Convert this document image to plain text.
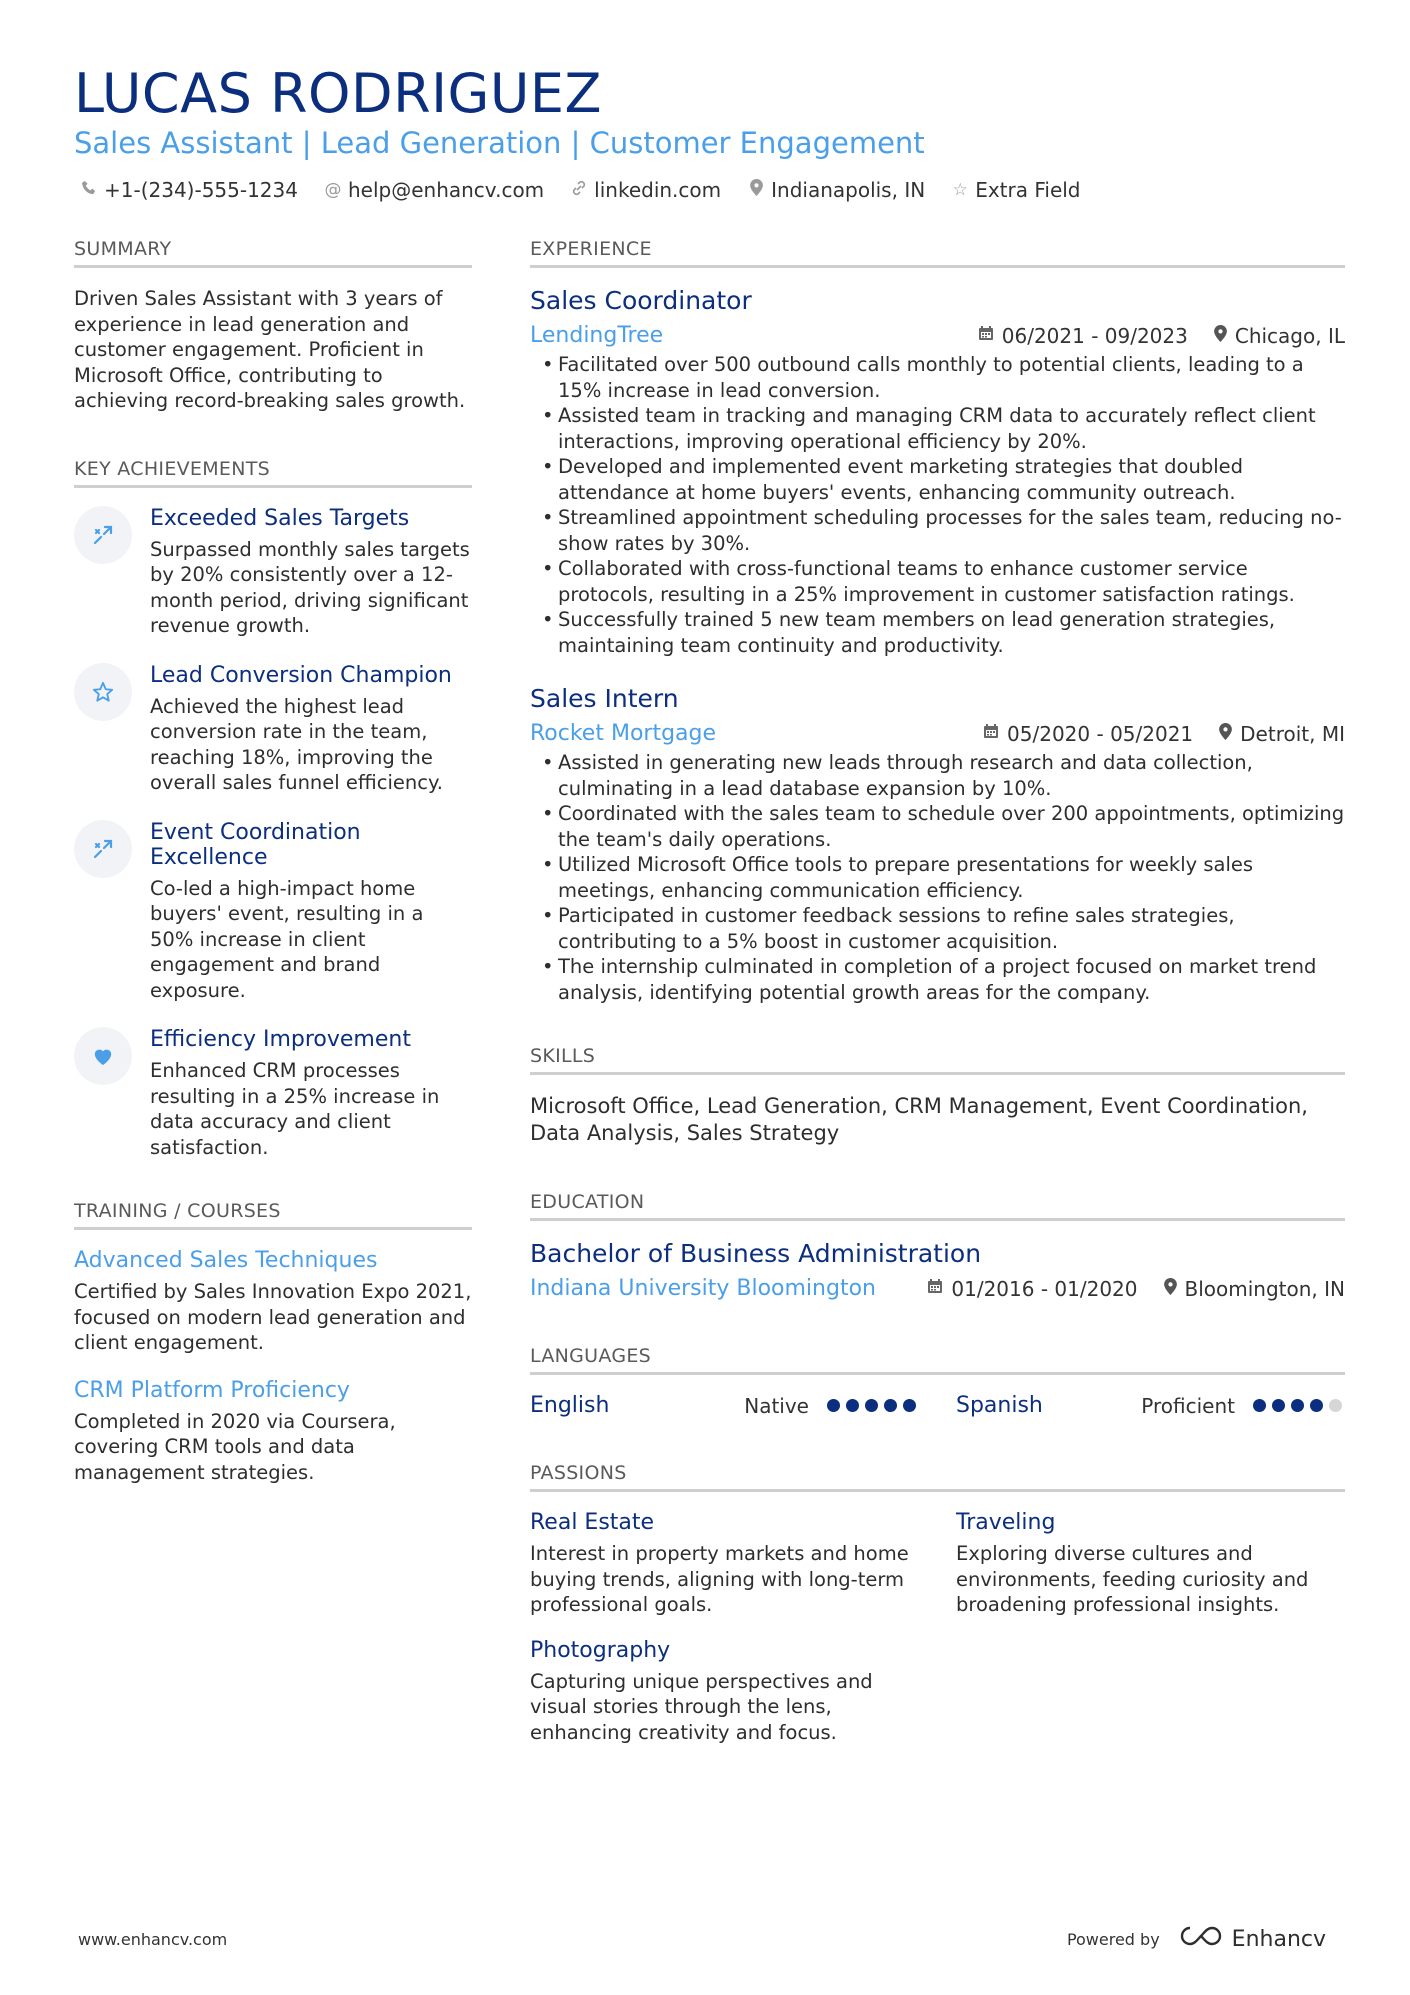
LUCAS RODRIGUEZ
Sales Assistant | Lead Generation | Customer Engagement
+1-(234)-555-1234 @ help@enhancv.com	linkedin.com	Indianapolis, IN ☆ Extra Field
SUMMARY
Driven Sales Assistant with 3 years of experience in lead generation and customer engagement. Proficient in Microsoft Office, contributing to achieving record-breaking sales growth.
KEY ACHIEVEMENTS
Exceeded Sales Targets
Surpassed monthly sales targets by 20% consistently over a 12-month period, driving significant revenue growth.
Lead Conversion Champion
Achieved the highest lead conversion rate in the team, reaching 18%, improving the overall sales funnel efficiency.
Event Coordination Excellence
Co-led a high-impact home buyers' event, resulting in a 50% increase in client engagement and brand exposure.
Efficiency Improvement
Enhanced CRM processes resulting in a 25% increase in data accuracy and client satisfaction.
TRAINING / COURSES
Advanced Sales Techniques
Certified by Sales Innovation Expo 2021, focused on modern lead generation and client engagement.
CRM Platform Proficiency
Completed in 2020 via Coursera, covering CRM tools and data management strategies.
EXPERIENCE
Sales Coordinator
LendingTree	06/2021 - 09/2023 Chicago, IL
• Facilitated over 500 outbound calls monthly to potential clients, leading to a 15% increase in lead conversion.
• Assisted team in tracking and managing CRM data to accurately reflect client interactions, improving operational efficiency by 20%.
• Developed and implemented event marketing strategies that doubled attendance at home buyers' events, enhancing community outreach.
• Streamlined appointment scheduling processes for the sales team, reducing no-show rates by 30%.
• Collaborated with cross-functional teams to enhance customer service protocols, resulting in a 25% improvement in customer satisfaction ratings.
• Successfully trained 5 new team members on lead generation strategies, maintaining team continuity and productivity.
Sales Intern
Rocket Mortgage	05/2020 - 05/2021 Detroit, MI
• Assisted in generating new leads through research and data collection, culminating in a lead database expansion by 10%.
• Coordinated with the sales team to schedule over 200 appointments, optimizing the team's daily operations.
• Utilized Microsoft Office tools to prepare presentations for weekly sales meetings, enhancing communication efficiency.
• Participated in customer feedback sessions to refine sales strategies, contributing to a 5% boost in customer acquisition.
• The internship culminated in completion of a project focused on market trend analysis, identifying potential growth areas for the company.
SKILLS
Microsoft Office, Lead Generation, CRM Management, Event Coordination, Data Analysis, Sales Strategy
EDUCATION
Bachelor of Business Administration
Indiana University Bloomington	01/2016 - 01/2020 Bloomington, IN
LANGUAGES
English	Native	Spanish	Proficient
PASSIONS
Real Estate
Interest in property markets and home buying trends, aligning with long-term professional goals.
Traveling
Exploring diverse cultures and environments, feeding curiosity and broadening professional insights.
Photography
Capturing unique perspectives and visual stories through the lens, enhancing creativity and focus.
www.enhancv.com	Powered by	Enhancv
